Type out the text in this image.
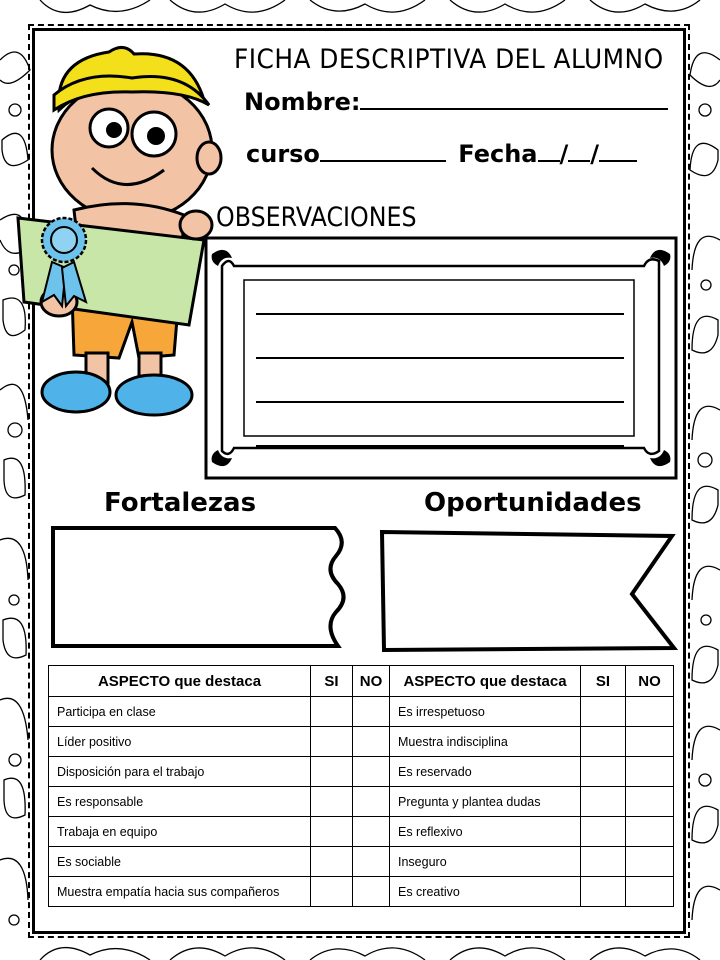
FICHA DESCRIPTIVA DEL ALUMNO
Nombre:
curso	Fecha / /
OBSERVACIONES
Fortalezas	Oportunidades
ASPECTO que destaca	SI	NO	ASPECTO que destaca	SI	NO
Participa en clase			Es irrespetuoso		
Líder positivo			Muestra indisciplina		
Disposición para el trabajo			Es reservado		
Es responsable			Pregunta y plantea dudas		
Trabaja en equipo			Es reflexivo		
Es sociable			Inseguro		
Muestra empatía hacia sus compañeros			Es creativo		
